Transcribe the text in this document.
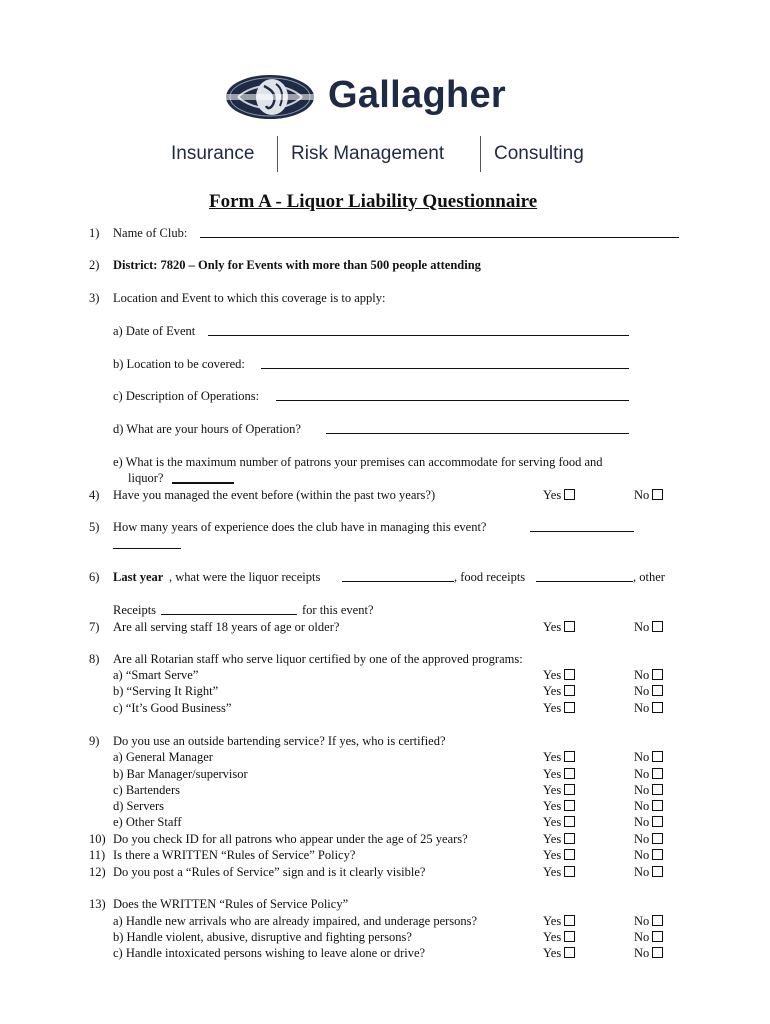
Gallagher
Insurance Risk Management	Consulting
Form A - Liquor Liability Questionnaire
1) Name of Club:
2) District: 7820 – Only for Events with more than 500 people attending
3) Location and Event to which this coverage is to apply:
a) Date of Event
b) Location to be covered:
c) Description of Operations:
d) What are your hours of Operation?
e) What is the maximum number of patrons your premises can accommodate for serving food and
liquor?
4) Have you managed the event before (within the past two years?)	Yes	No
5) How many years of experience does the club have in managing this event?
6) Last year , what were the liquor receipts	, food receipts	, other
Receipts	for this event?
7) Are all serving staff 18 years of age or older?	Yes	No
8) Are all Rotarian staff who serve liquor certified by one of the approved programs:
a) “Smart Serve”	Yes	No
b) “Serving It Right”	Yes	No
c) “It’s Good Business”	Yes	No
9) Do you use an outside bartending service? If yes, who is certified?
a) General Manager	Yes	No
b) Bar Manager/supervisor	Yes	No
c) Bartenders	Yes	No
d) Servers	Yes	No
e) Other Staff	Yes	No
10) Do you check ID for all patrons who appear under the age of 25 years?	Yes	No
11) Is there a WRITTEN “Rules of Service” Policy?	Yes	No
12) Do you post a “Rules of Service” sign and is it clearly visible?	Yes	No
13) Does the WRITTEN “Rules of Service Policy”
a) Handle new arrivals who are already impaired, and underage persons?	Yes	No
b) Handle violent, abusive, disruptive and fighting persons?	Yes	No
c) Handle intoxicated persons wishing to leave alone or drive?	Yes	No
